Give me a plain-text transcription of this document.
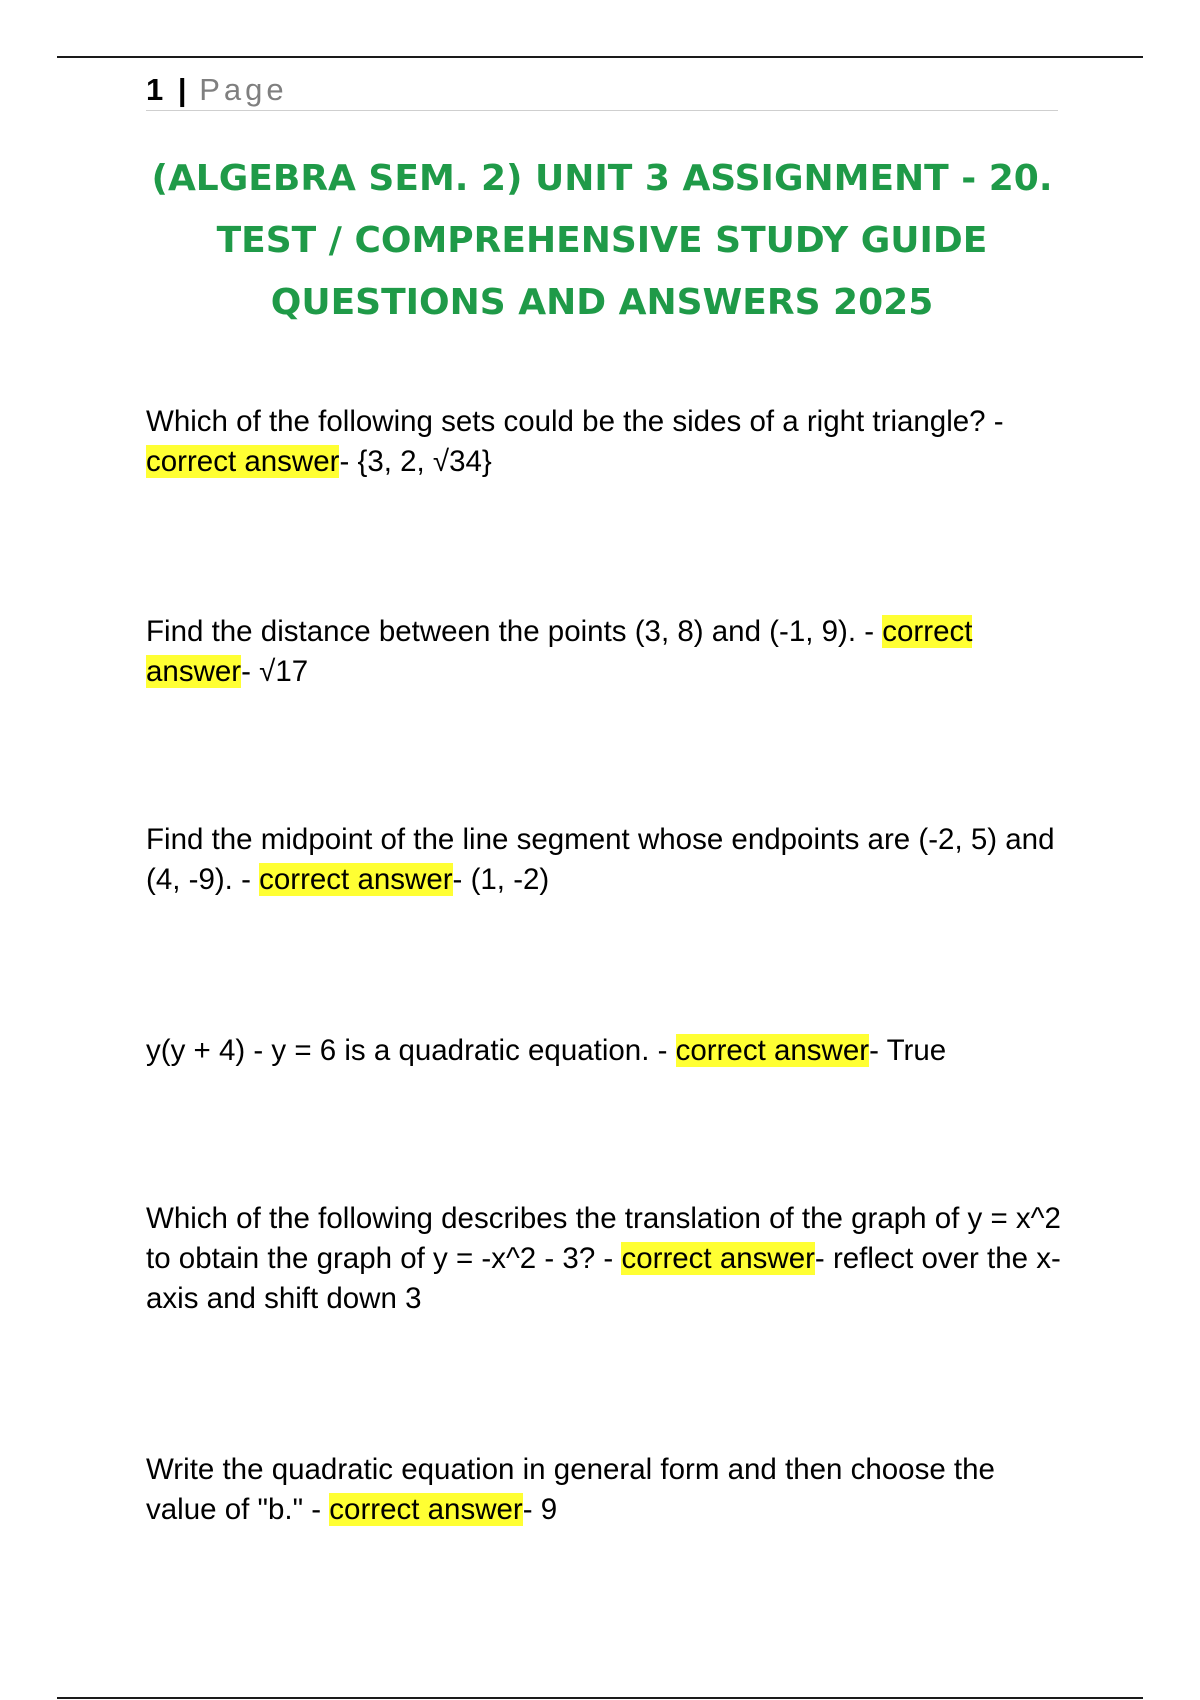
1 | Page
(ALGEBRA SEM. 2) UNIT 3 ASSIGNMENT - 20. TEST / COMPREHENSIVE STUDY GUIDE QUESTIONS AND ANSWERS 2025

Which of the following sets could be the sides of a right triangle? - correct answer- {3, 2, √34}

Find the distance between the points (3, 8) and (-1, 9). - correct answer- √17

Find the midpoint of the line segment whose endpoints are (-2, 5) and (4, -9). - correct answer- (1, -2)

y(y + 4) - y = 6 is a quadratic equation. - correct answer- True

Which of the following describes the translation of the graph of y = x^2 to obtain the graph of y = -x^2 - 3? - correct answer- reflect over the x-axis and shift down 3

Write the quadratic equation in general form and then choose the value of "b." - correct answer- 9
